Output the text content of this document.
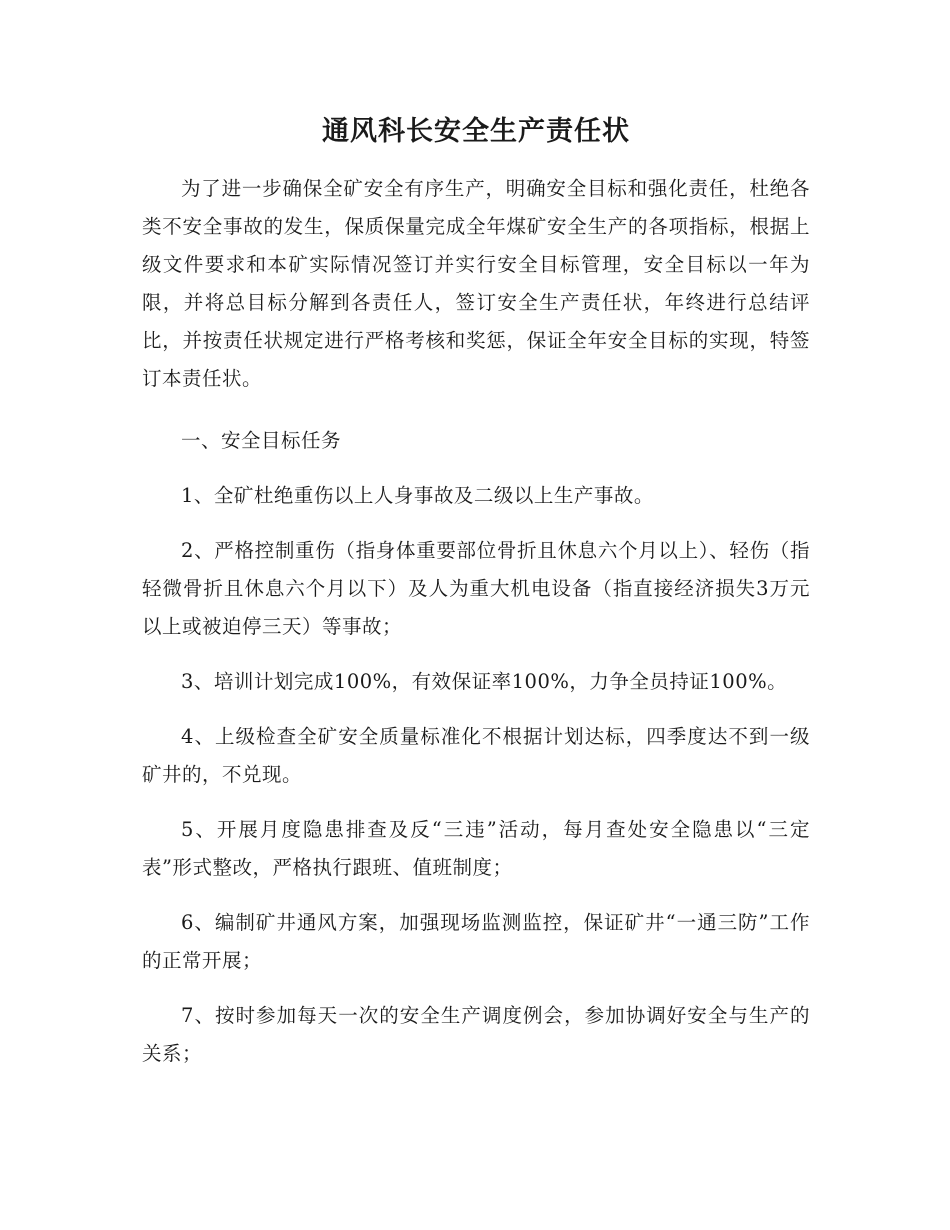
通风科长安全生产责任状

为了进一步确保全矿安全有序生产，明确安全目标和强化责任，杜绝各类不安全事故的发生，保质保量完成全年煤矿安全生产的各项指标，根据上级文件要求和本矿实际情况签订并实行安全目标管理，安全目标以一年为限，并将总目标分解到各责任人，签订安全生产责任状，年终进行总结评比，并按责任状规定进行严格考核和奖惩，保证全年安全目标的实现，特签订本责任状。

一、安全目标任务

1、全矿杜绝重伤以上人身事故及二级以上生产事故。

2、严格控制重伤（指身体重要部位骨折且休息六个月以上）、轻伤（指轻微骨折且休息六个月以下）及人为重大机电设备（指直接经济损失3万元以上或被迫停三天）等事故；

3、培训计划完成100%，有效保证率100%，力争全员持证100%。

4、上级检查全矿安全质量标准化不根据计划达标，四季度达不到一级矿井的，不兑现。

5、开展月度隐患排查及反“三违”活动，每月查处安全隐患以“三定表”形式整改，严格执行跟班、值班制度；

6、编制矿井通风方案，加强现场监测监控，保证矿井“一通三防”工作的正常开展；

7、按时参加每天一次的安全生产调度例会，参加协调好安全与生产的关系；
